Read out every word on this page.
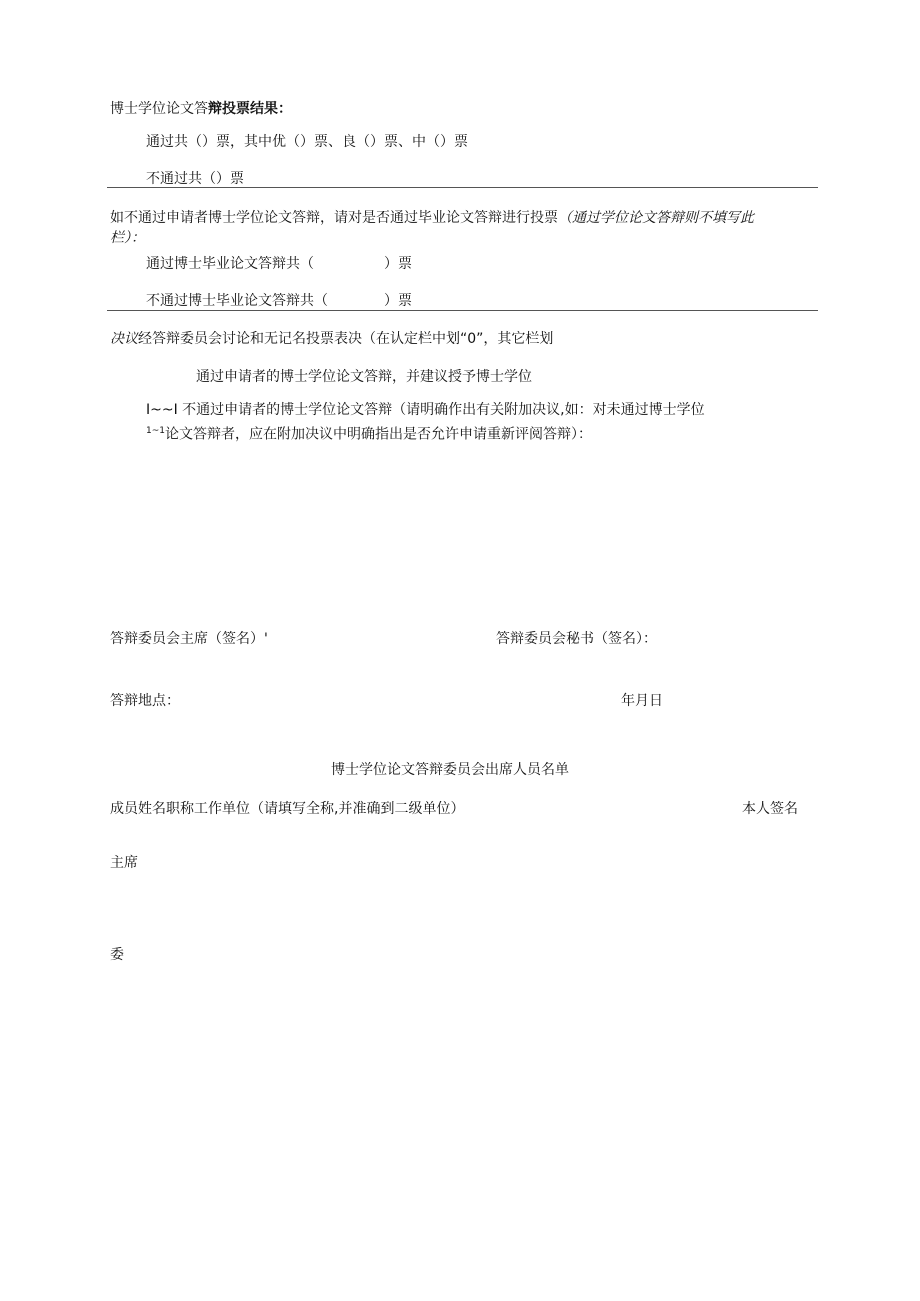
博士学位论文答辩投票结果：
通过共（）票，其中优（）票、良（）票、中（）票
不通过共（）票
如不通过申请者博士学位论文答辩，请对是否通过毕业论文答辩进行投票（通过学位论文答辩则不填写此
栏）：
通过博士毕业论文答辩共（　　　　　）票
不通过博士毕业论文答辩共（　　　　）票
决议经答辩委员会讨论和无记名投票表决（在认定栏中划“0”，其它栏划
通过申请者的博士学位论文答辩，并建议授予博士学位
I~~I 不通过申请者的博士学位论文答辩（请明确作出有关附加决议,如：对未通过博士学位
$^{1\sim 1}$论文答辩者，应在附加决议中明确指出是否允许申请重新评阅答辩）：
答辩委员会主席（签名）'	答辩委员会秘书（签名）：
答辩地点：	年月日
博士学位论文答辩委员会出席人员名单
成员姓名职称工作单位（请填写全称,并准确到二级单位）	本人签名
主席
委
